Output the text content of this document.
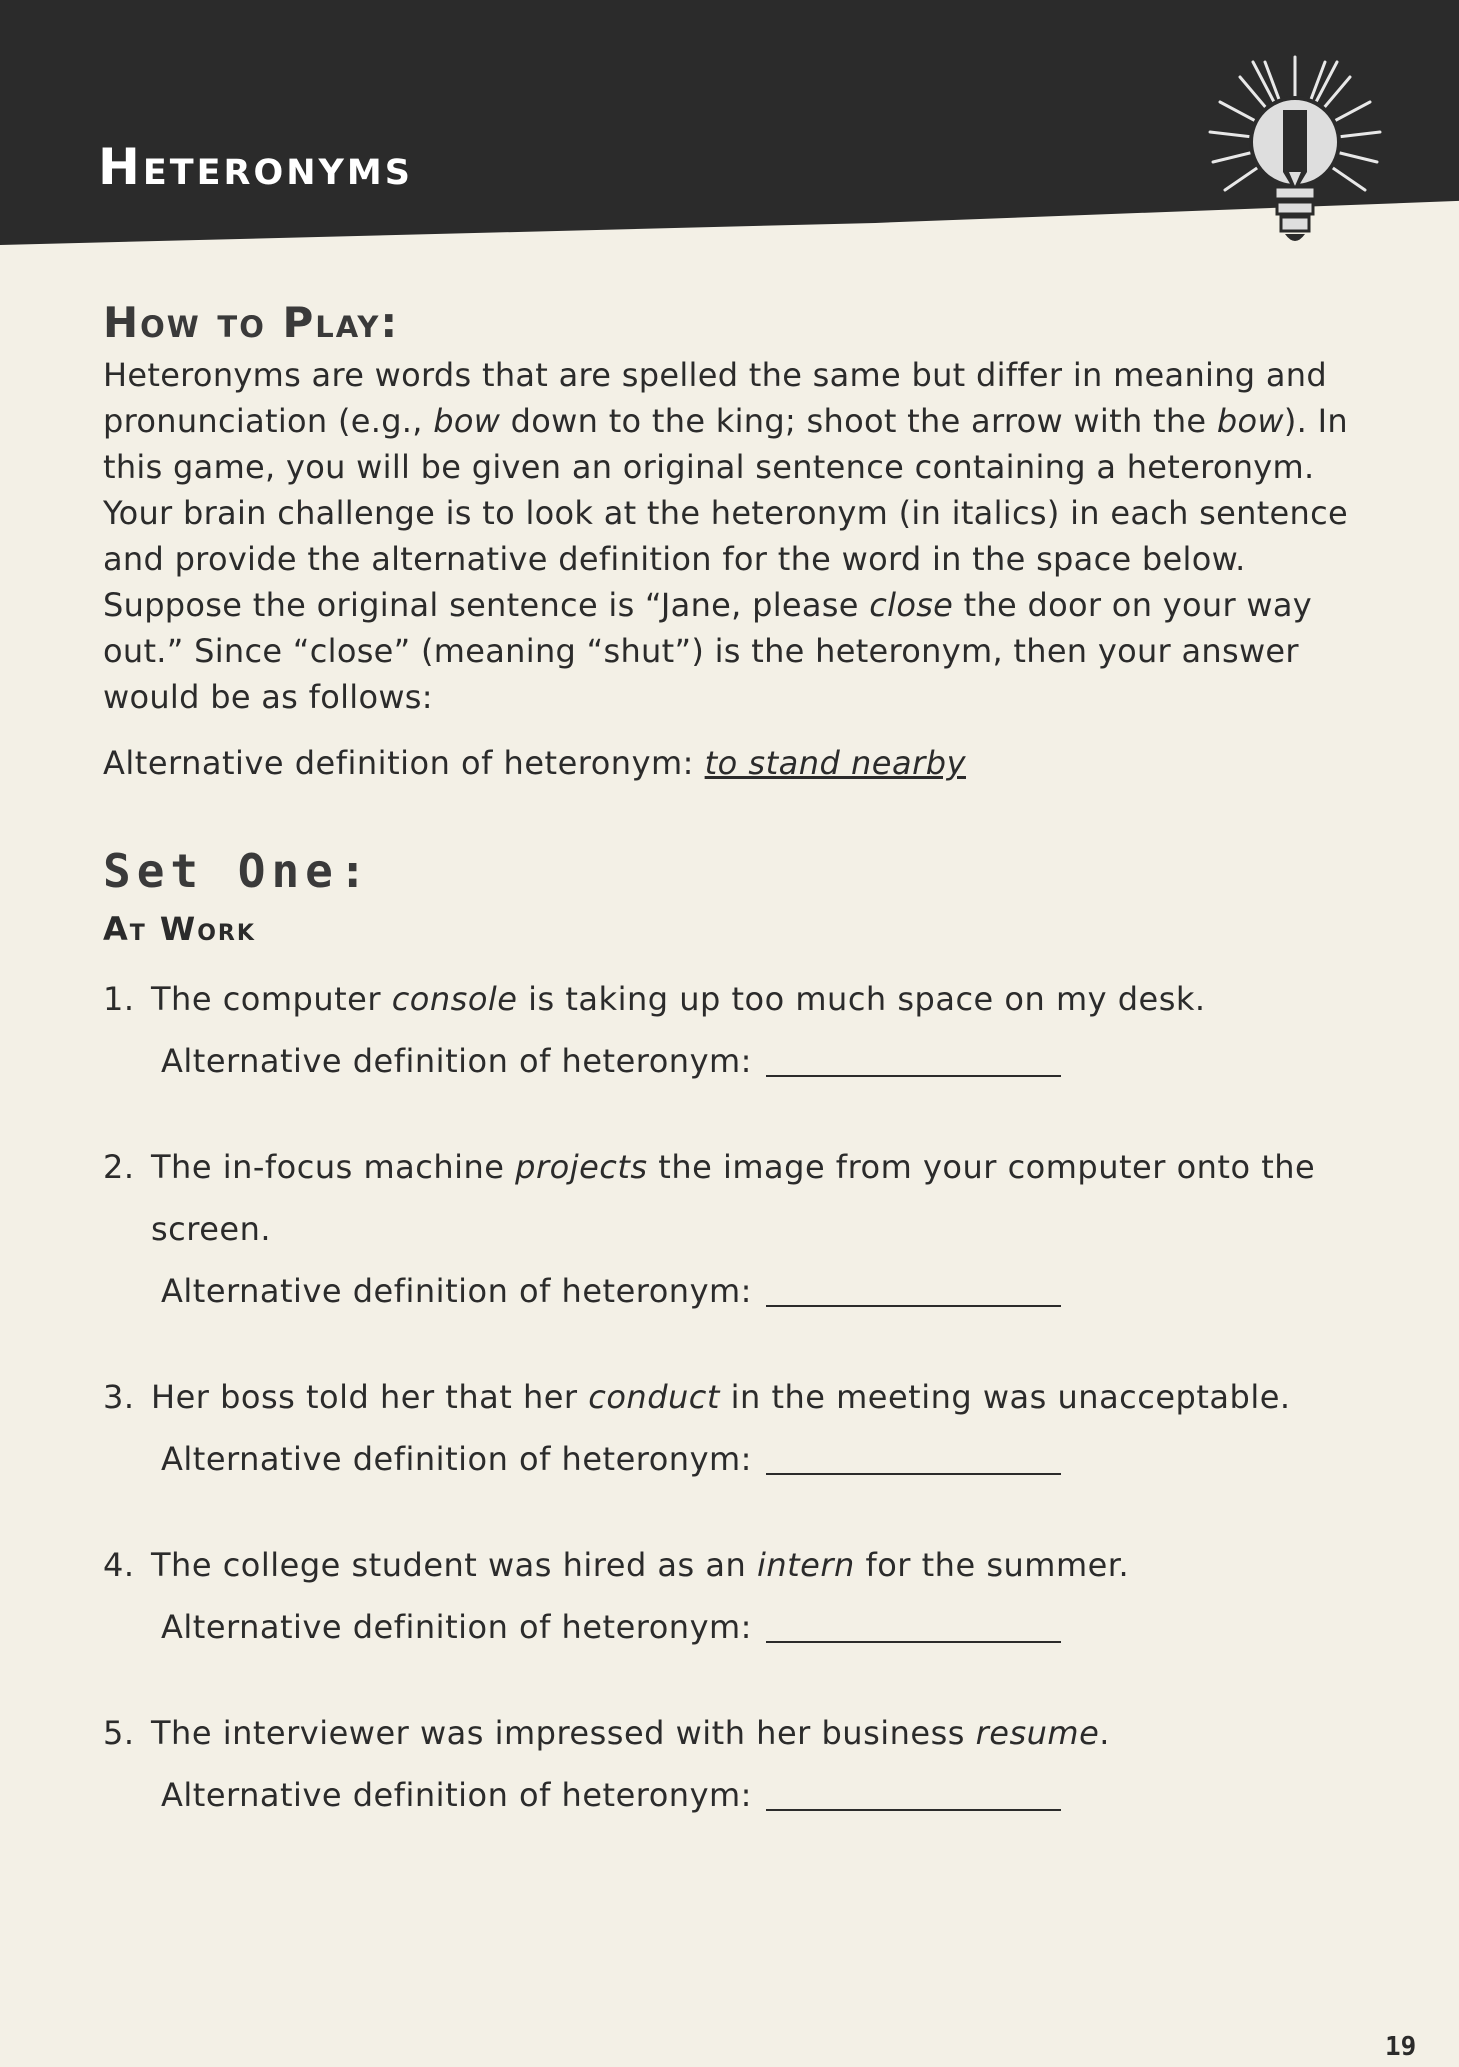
Heteronyms
How to Play:

Heteronyms are words that are spelled the same but differ in meaning and pronunciation (e.g., bow down to the king; shoot the arrow with the bow). In this game, you will be given an original sentence containing a heteronym. Your brain challenge is to look at the heteronym (in italics) in each sentence and provide the alternative definition for the word in the space below. Suppose the original sentence is “Jane, please close the door on your way out.” Since “close” (meaning “shut”) is the heteronym, then your answer would be as follows:

Alternative definition of heteronym: to stand nearby
Set One:
At Work
1. The computer console is taking up too much space on my desk.
Alternative definition of heteronym:
2. The in-focus machine projects the image from your computer onto the screen.
Alternative definition of heteronym:
3. Her boss told her that her conduct in the meeting was unacceptable.
Alternative definition of heteronym:
4. The college student was hired as an intern for the summer.
Alternative definition of heteronym:
5. The interviewer was impressed with her business resume.
Alternative definition of heteronym:
19
